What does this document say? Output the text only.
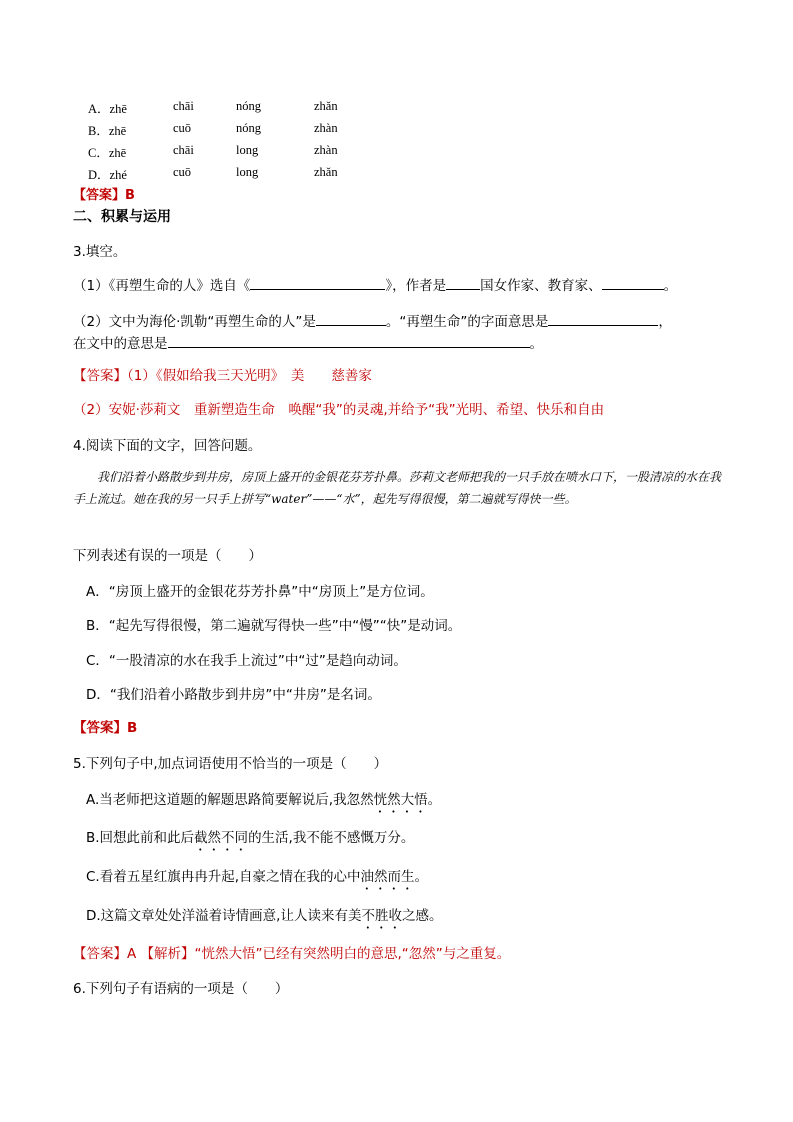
A．zhē	chāi	nóng	zhǎn
B．zhē	cuō	nóng	zhàn
C．zhē	chāi	long	zhàn
D．zhé	cuō	long	zhǎn
【答案】B
二、积累与运用
3.填空。
（1）《再塑生命的人》选自《	》，作者是	国女作家、教育家、	。
（2）文中为海伦·凯勒“再塑生命的人”是	。“再塑生命”的字面意思是	，
在文中的意思是	。
【答案】（1）《假如给我三天光明》　美　　慈善家
（2）安妮·莎莉文　重新塑造生命　唤醒“我”的灵魂,并给予“我”光明、希望、快乐和自由
4.阅读下面的文字，回答问题。
我们沿着小路散步到井房，房顶上盛开的金银花芬芳扑鼻。莎莉文老师把我的一只手放在喷水口下，一股清凉的水在我手上流过。她在我的另一只手上拼写“water”——“水”，起先写得很慢，第二遍就写得快一些。
下列表述有误的一项是（　　）
A．“房顶上盛开的金银花芬芳扑鼻”中“房顶上”是方位词。
B．“起先写得很慢，第二遍就写得快一些”中“慢”“快”是动词。
C．“一股清凉的水在我手上流过”中“过”是趋向动词。
D．“我们沿着小路散步到井房”中“井房”是名词。
【答案】B
5.下列句子中,加点词语使用不恰当的一项是（　　）
A.当老师把这道题的解题思路简要解说后,我忽然恍然大悟。
B.回想此前和此后截然不同的生活,我不能不感慨万分。
C.看着五星红旗冉冉升起,自豪之情在我的心中油然而生。
D.这篇文章处处洋溢着诗情画意,让人读来有美不胜收之感。
【答案】A 【解析】“恍然大悟”已经有突然明白的意思,“忽然”与之重复。
6.下列句子有语病的一项是（　　）
